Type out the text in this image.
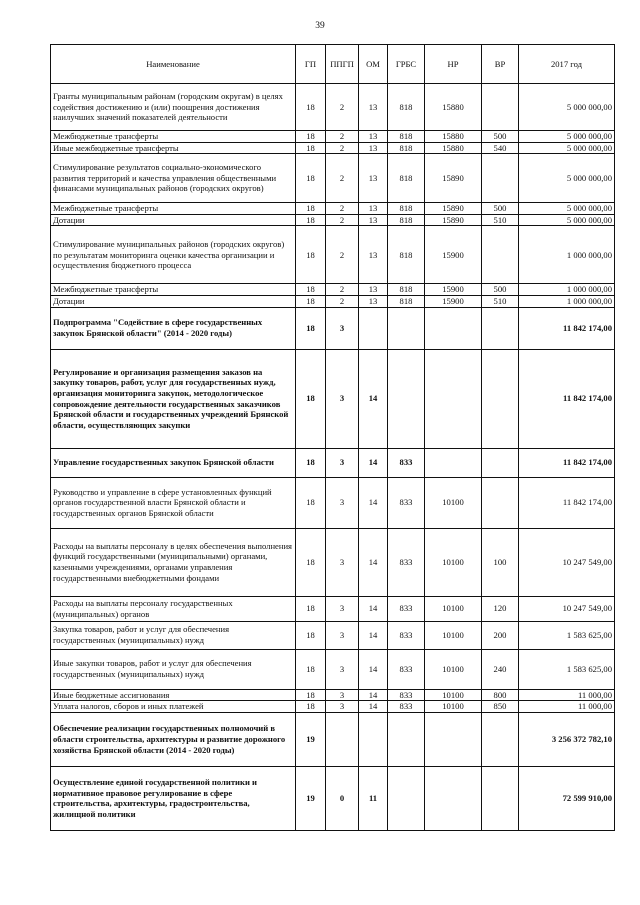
39
Наименование	ГП	ППГП	ОМ	ГРБС	НР	ВР	2017 год
Гранты муниципальным районам (городским округам) в целях содействия достижению и (или) поощрения достижения наилучших значений показателей деятельности	18	2	13	818	15880		5 000 000,00
Межбюджетные трансферты	18	2	13	818	15880	500	5 000 000,00
Иные межбюджетные трансферты	18	2	13	818	15880	540	5 000 000,00
Стимулирование результатов социально-экономического развития территорий и качества управления общественными финансами муниципальных районов (городских округов)	18	2	13	818	15890		5 000 000,00
Межбюджетные трансферты	18	2	13	818	15890	500	5 000 000,00
Дотации	18	2	13	818	15890	510	5 000 000,00
Стимулирование муниципальных районов (городских округов) по результатам мониторинга оценки качества организации и осуществления бюджетного процесса	18	2	13	818	15900		1 000 000,00
Межбюджетные трансферты	18	2	13	818	15900	500	1 000 000,00
Дотации	18	2	13	818	15900	510	1 000 000,00
Подпрограмма "Содействие в сфере государственных закупок Брянской области" (2014 - 2020 годы)	18	3					11 842 174,00
Регулирование и организация размещения заказов на закупку товаров, работ, услуг для государственных нужд, организация мониторинга закупок, методологическое сопровождение деятельности государственных заказчиков Брянской области и государственных учреждений Брянской области, осуществляющих закупки	18	3	14				11 842 174,00
Управление государственных закупок Брянской области	18	3	14	833			11 842 174,00
Руководство и управление в сфере установленных функций органов государственной власти Брянской области и государственных органов Брянской области	18	3	14	833	10100		11 842 174,00
Расходы на выплаты персоналу в целях обеспечения выполнения функций государственными (муниципальными) органами, казенными учреждениями, органами управления государственными внебюджетными фондами	18	3	14	833	10100	100	10 247 549,00
Расходы на выплаты персоналу государственных (муниципальных) органов	18	3	14	833	10100	120	10 247 549,00
Закупка товаров, работ и услуг для обеспечения государственных (муниципальных) нужд	18	3	14	833	10100	200	1 583 625,00
Иные закупки товаров, работ и услуг для обеспечения государственных (муниципальных) нужд	18	3	14	833	10100	240	1 583 625,00
Иные бюджетные ассигнования	18	3	14	833	10100	800	11 000,00
Уплата налогов, сборов и иных платежей	18	3	14	833	10100	850	11 000,00
Обеспечение реализации государственных полномочий в области строительства, архитектуры и развитие дорожного хозяйства Брянской области (2014 - 2020 годы)	19						3 256 372 782,10
Осуществление единой государственной политики и нормативное правовое регулирование в сфере строительства, архитектуры, градостроительства, жилищной политики	19	0	11				72 599 910,00
